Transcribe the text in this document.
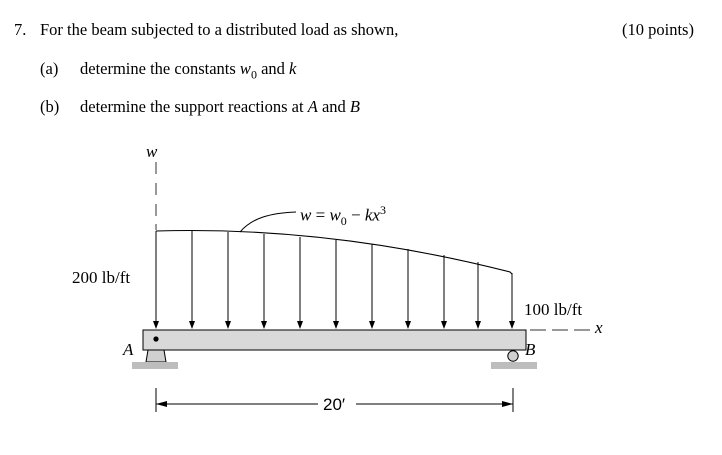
7. For the beam subjected to a distributed load as shown,	(10 points)
(a) determine the constants $w_0$ and k
(b) determine the support reactions at A and B
w
$w = w_0 - kx^3$
200 lb/ft
100 lb/ft
x
A	B
20′
